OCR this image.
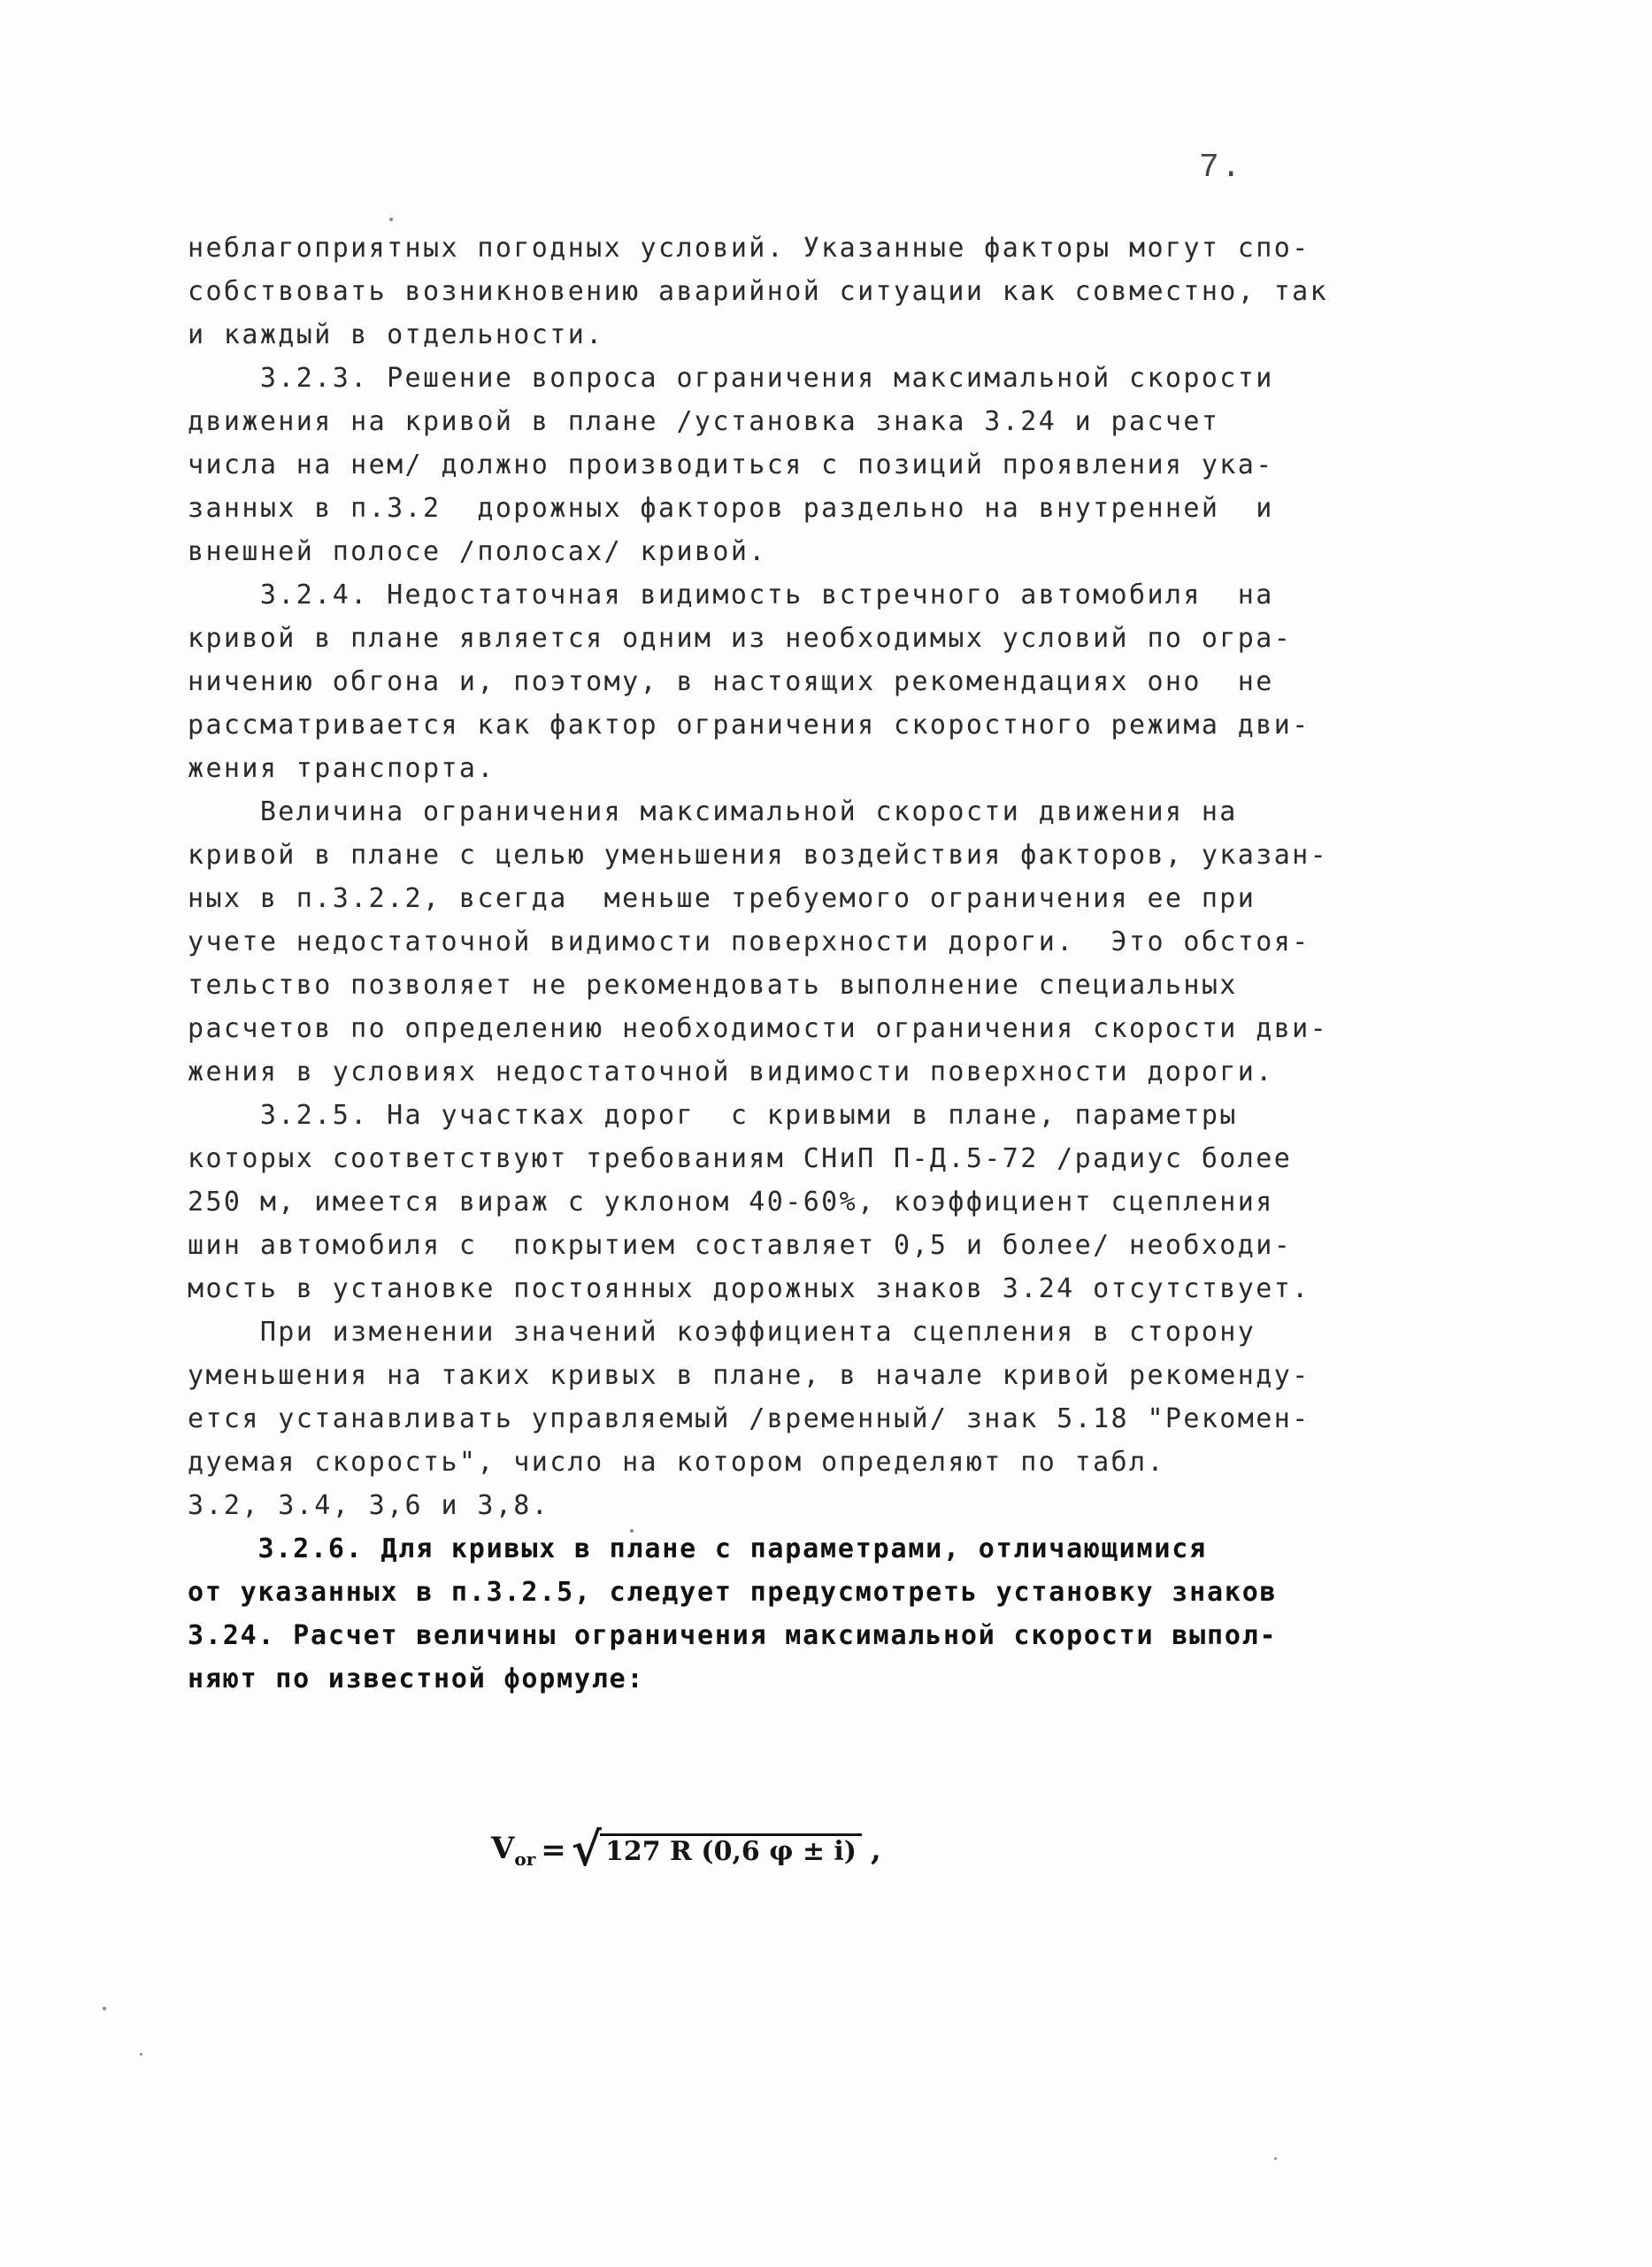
7.
неблагоприятных погодных условий. Указанные факторы могут спо-
собствовать возникновению аварийной ситуации как совместно, так
и каждый в отдельности.
3.2.3. Решение вопроса ограничения максимальной скорости
движения на кривой в плане /установка знака 3.24 и расчет
числа на нем/ должно производиться с позиций проявления ука-
занных в п.3.2  дорожных факторов раздельно на внутренней  и
внешней полосе /полосах/ кривой.
3.2.4. Недостаточная видимость встречного автомобиля  на
кривой в плане является одним из необходимых условий по огра-
ничению обгона и, поэтому, в настоящих рекомендациях оно  не
рассматривается как фактор ограничения скоростного режима дви-
жения транспорта.
Величина ограничения максимальной скорости движения на
кривой в плане с целью уменьшения воздействия факторов, указан-
ных в п.3.2.2, всегда  меньше требуемого ограничения ее при
учете недостаточной видимости поверхности дороги.  Это обстоя-
тельство позволяет не рекомендовать выполнение специальных
расчетов по определению необходимости ограничения скорости дви-
жения в условиях недостаточной видимости поверхности дороги.
3.2.5. На участках дорог  с кривыми в плане, параметры
которых соответствуют требованиям СНиП П-Д.5-72 /радиус более
250 м, имеется вираж с уклоном 40-60%, коэффициент сцепления
шин автомобиля с  покрытием составляет 0,5 и более/ необходи-
мость в установке постоянных дорожных знаков 3.24 отсутствует.
При изменении значений коэффициента сцепления в сторону
уменьшения на таких кривых в плане, в начале кривой рекоменду-
ется устанавливать управляемый /временный/ знак 5.18 "Рекомен-
дуемая скорость", число на котором определяют по табл.
3.2, 3.4, 3,6 и 3,8.
3.2.6. Для кривых в плане с параметрами, отличающимися
от указанных в п.3.2.5, следует предусмотреть установку знаков
3.24. Расчет величины ограничения максимальной скорости выпол-
няют по известной формуле:
$V_{or}$ = √ 127 R (0,6 φ ± i) ,
